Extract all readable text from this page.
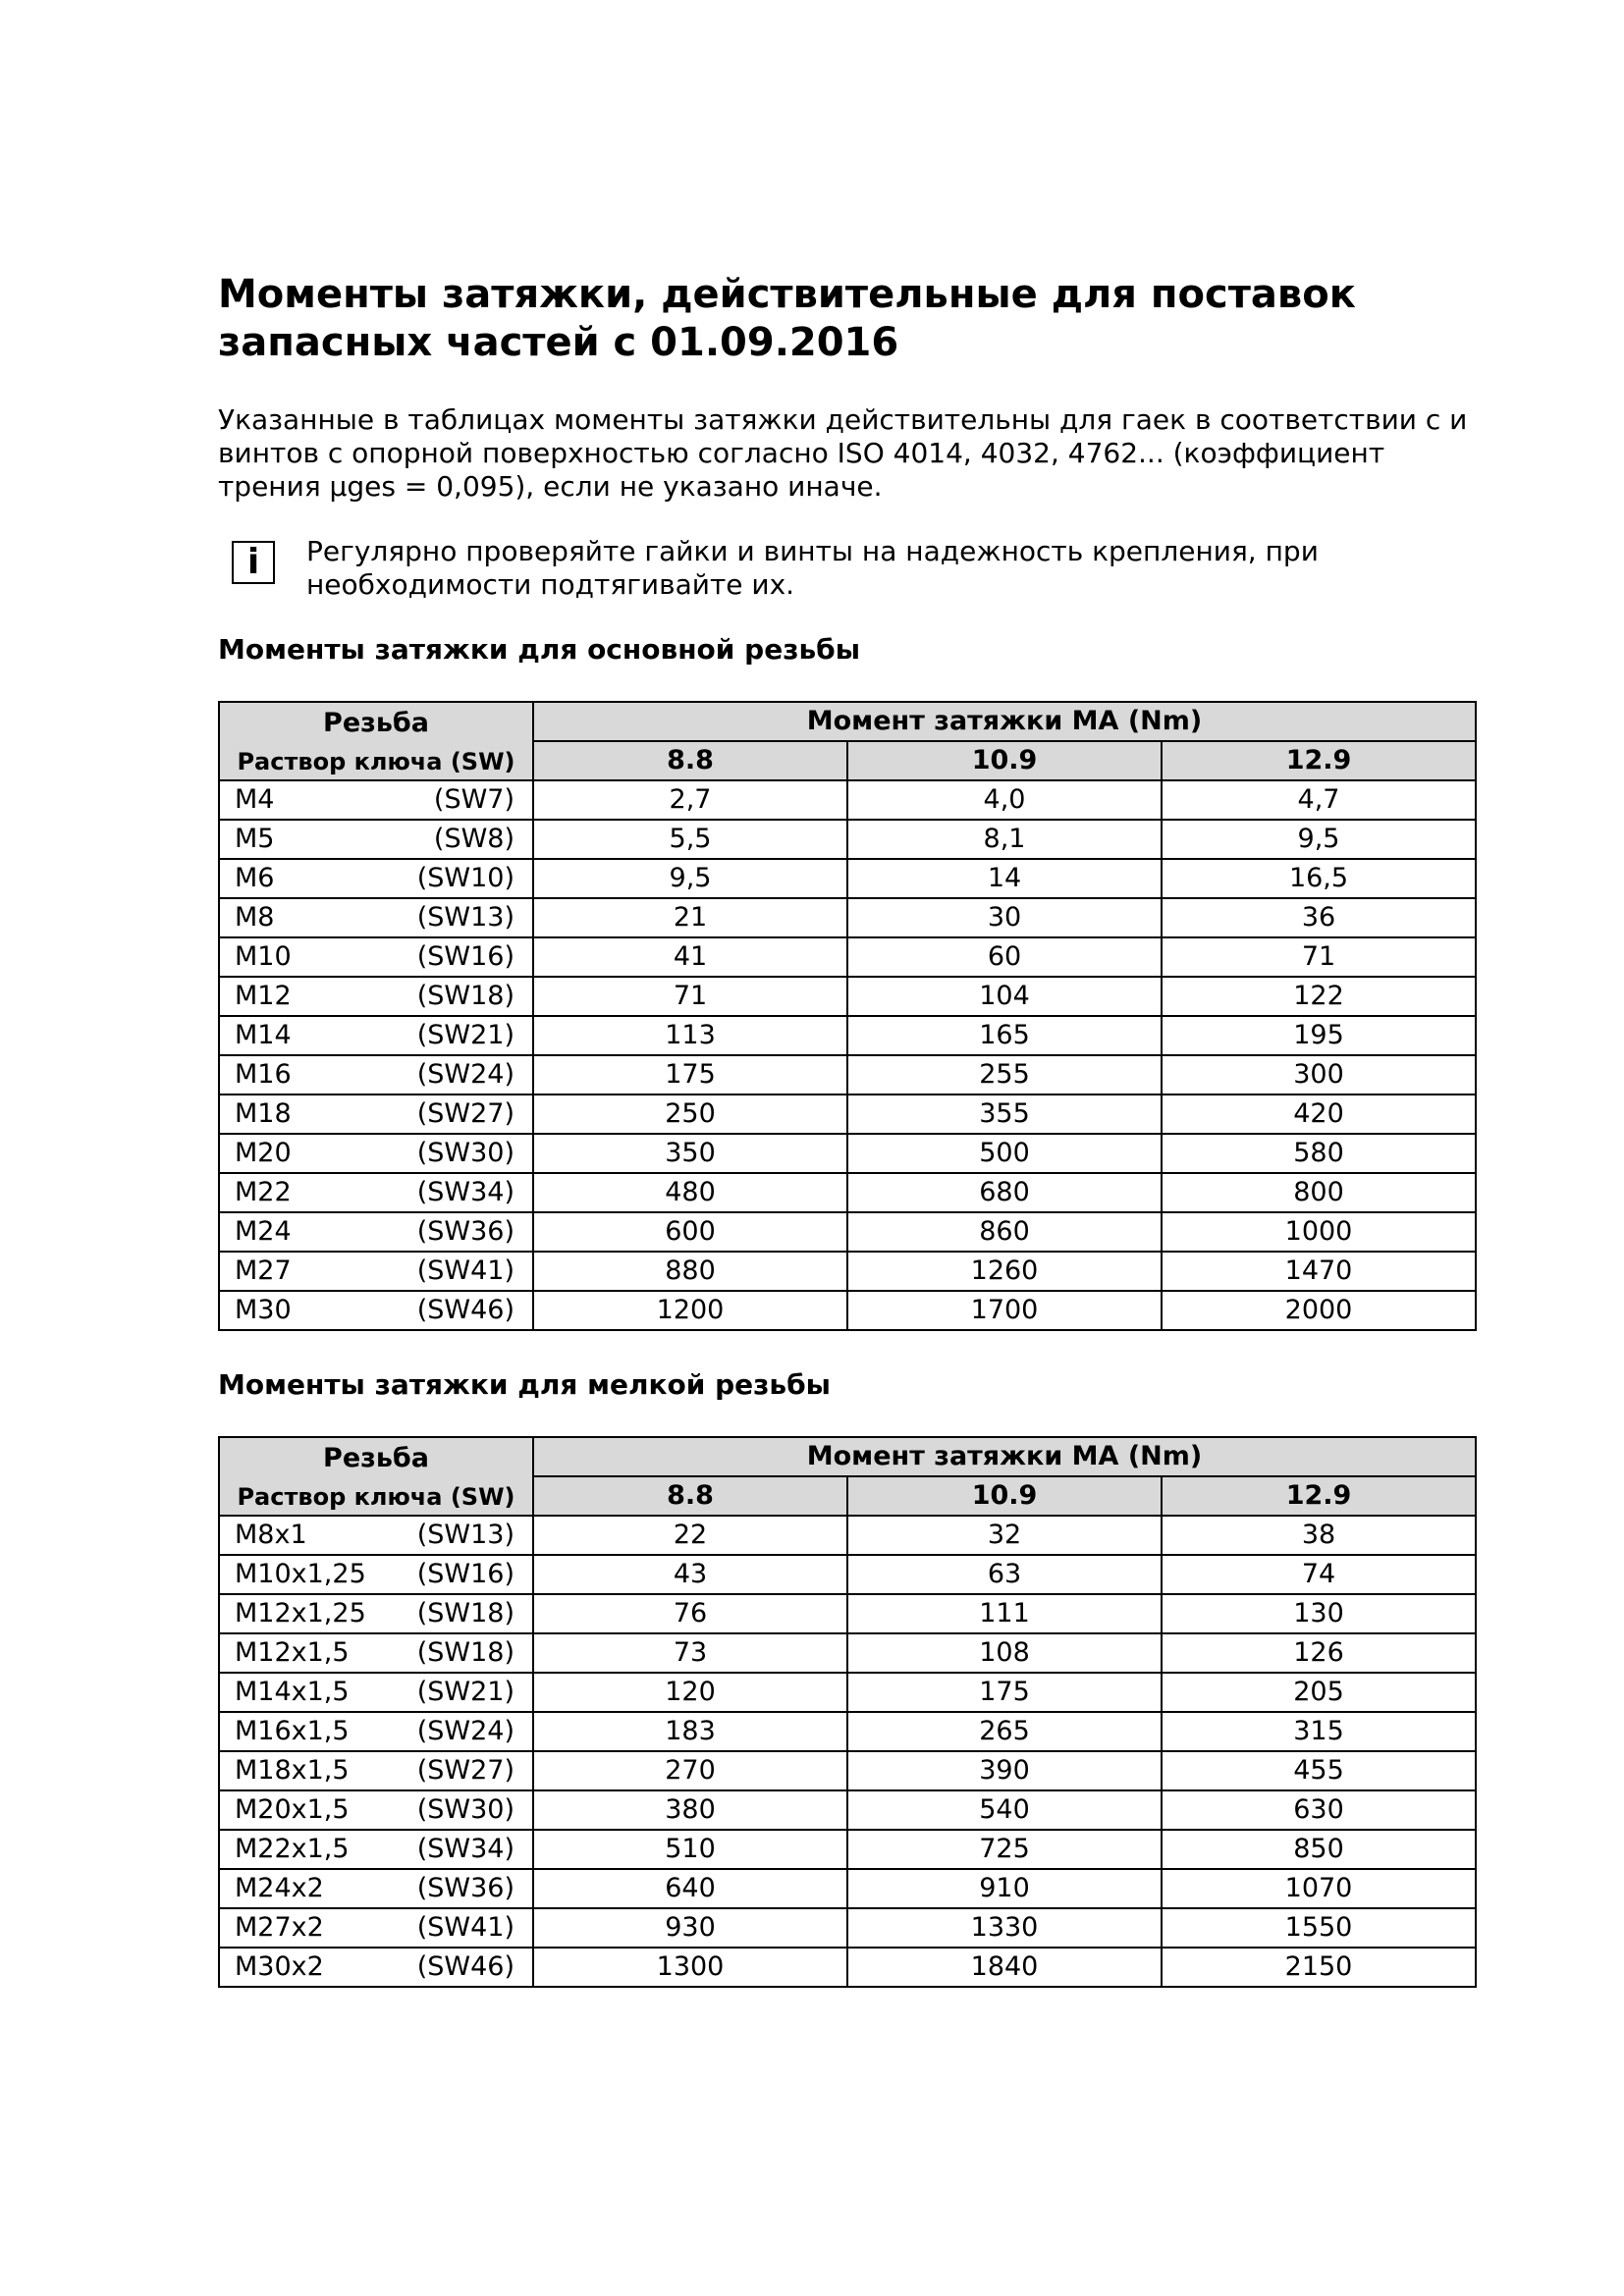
Моменты затяжки, действительные для поставок запасных частей с 01.09.2016

Указанные в таблицах моменты затяжки действительны для гаек в соответствии с и винтов с опорной поверхностью согласно ISO 4014, 4032, 4762... (коэффициент трения µges = 0,095), если не указано иначе.

i	Регулярно проверяйте гайки и винты на надежность крепления, при необходимости подтягивайте их.
Моменты затяжки для основной резьбы
Резьба
Раствор ключа (SW)	Момент затяжки MA (Nm)		
	8.8	10.9	12.9

M4 (SW7)	2,7	4,0	4,7

M5 (SW8)	5,5	8,1	9,5

M6 (SW10)	9,5	14	16,5

M8 (SW13)	21	30	36

M10 (SW16)	41	60	71

M12 (SW18)	71	104	122

M14 (SW21)	113	165	195

M16 (SW24)	175	255	300

M18 (SW27)	250	355	420

M20 (SW30)	350	500	580

M22 (SW34)	480	680	800

M24 (SW36)	600	860	1000

M27 (SW41)	880	1260	1470

M30 (SW46)	1200	1700	2000
Моменты затяжки для мелкой резьбы
Резьба
Раствор ключа (SW)	Момент затяжки MA (Nm)		
	8.8	10.9	12.9

M8x1 (SW13)	22	32	38

M10x1,25 (SW16)	43	63	74

M12x1,25 (SW18)	76	111	130

M12x1,5 (SW18)	73	108	126

M14x1,5 (SW21)	120	175	205

M16x1,5 (SW24)	183	265	315

M18x1,5 (SW27)	270	390	455

M20x1,5 (SW30)	380	540	630

M22x1,5 (SW34)	510	725	850

M24x2 (SW36)	640	910	1070

M27x2 (SW41)	930	1330	1550

M30x2 (SW46)	1300	1840	2150
